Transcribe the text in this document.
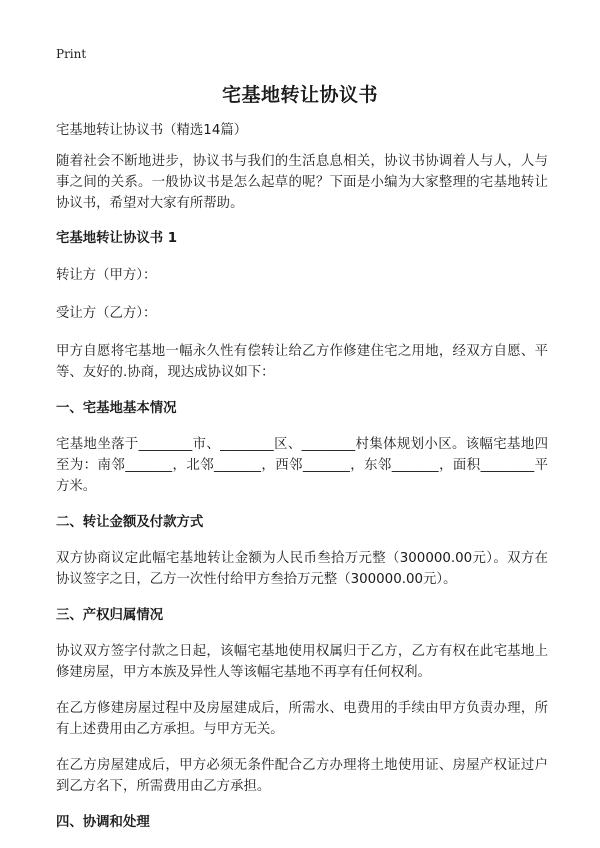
Print
宅基地转让协议书

宅基地转让协议书（精选14篇）

随着社会不断地进步，协议书与我们的生活息息相关，协议书协调着人与人，人与事之间的关系。一般协议书是怎么起草的呢？下面是小编为大家整理的宅基地转让协议书，希望对大家有所帮助。

宅基地转让协议书 1

转让方（甲方）：

受让方（乙方）：

甲方自愿将宅基地一幅永久性有偿转让给乙方作修建住宅之用地，经双方自愿、平等、友好的.协商，现达成协议如下：

一、宅基地基本情况

宅基地坐落于________市、________区、________村集体规划小区。该幅宅基地四至为：南邻_______，北邻_______，西邻_______，东邻_______，面积________平方米。

二、转让金额及付款方式

双方协商议定此幅宅基地转让金额为人民币叁拾万元整（300000.00元）。双方在协议签字之日，乙方一次性付给甲方叁拾万元整（300000.00元）。

三、产权归属情况

协议双方签字付款之日起，该幅宅基地使用权属归于乙方，乙方有权在此宅基地上修建房屋，甲方本族及异性人等该幅宅基地不再享有任何权利。

在乙方修建房屋过程中及房屋建成后，所需水、电费用的手续由甲方负责办理，所有上述费用由乙方承担。与甲方无关。

在乙方房屋建成后，甲方必须无条件配合乙方办理将土地使用证、房屋产权证过户到乙方名下，所需费用由乙方承担。

四、协调和处理
